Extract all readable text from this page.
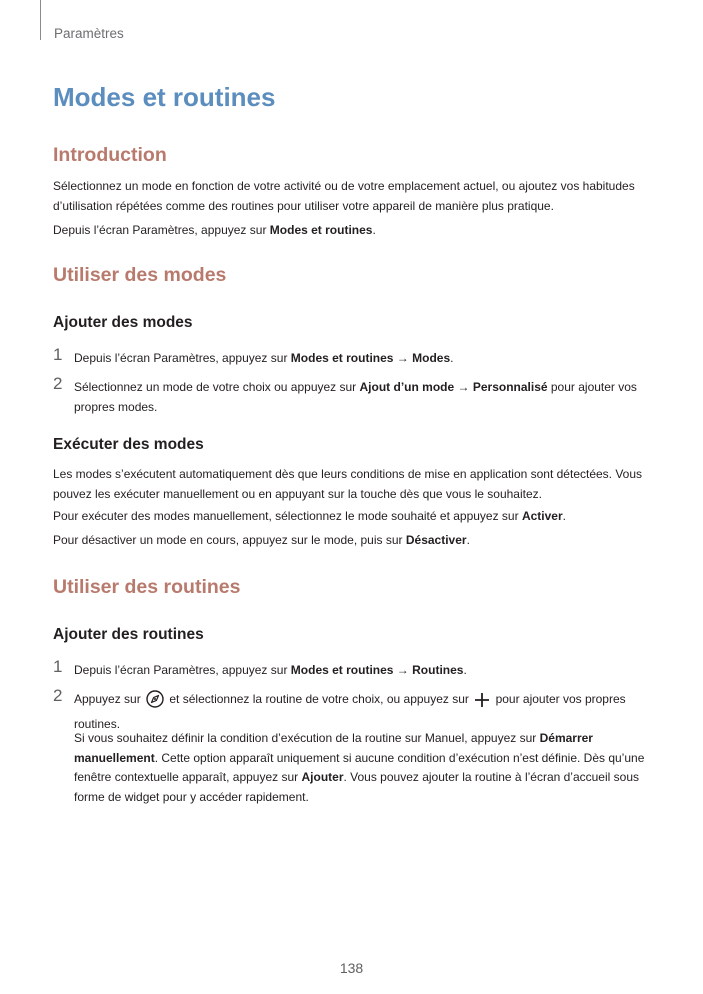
Paramètres
Modes et routines
Introduction

Sélectionnez un mode en fonction de votre activité ou de votre emplacement actuel, ou ajoutez vos habitudes d’utilisation répétées comme des routines pour utiliser votre appareil de manière plus pratique.

Depuis l’écran Paramètres, appuyez sur Modes et routines.

Utiliser des modes
Ajouter des modes
1 Depuis l’écran Paramètres, appuyez sur Modes et routines → Modes.

2 Sélectionnez un mode de votre choix ou appuyez sur Ajout d’un mode → Personnalisé pour ajouter vos propres modes.

Exécuter des modes

Les modes s’exécutent automatiquement dès que leurs conditions de mise en application sont détectées. Vous pouvez les exécuter manuellement ou en appuyant sur la touche dès que vous le souhaitez.

Pour exécuter des modes manuellement, sélectionnez le mode souhaité et appuyez sur Activer.

Pour désactiver un mode en cours, appuyez sur le mode, puis sur Désactiver.

Utiliser des routines
Ajouter des routines
1 Depuis l’écran Paramètres, appuyez sur Modes et routines → Routines.

2 Appuyez sur  et sélectionnez la routine de votre choix, ou appuyez sur  pour ajouter vos propres routines.

Si vous souhaitez définir la condition d’exécution de la routine sur Manuel, appuyez sur Démarrer manuellement. Cette option apparaît uniquement si aucune condition d’exécution n’est définie. Dès qu’une fenêtre contextuelle apparaît, appuyez sur Ajouter. Vous pouvez ajouter la routine à l’écran d’accueil sous forme de widget pour y accéder rapidement.

138
